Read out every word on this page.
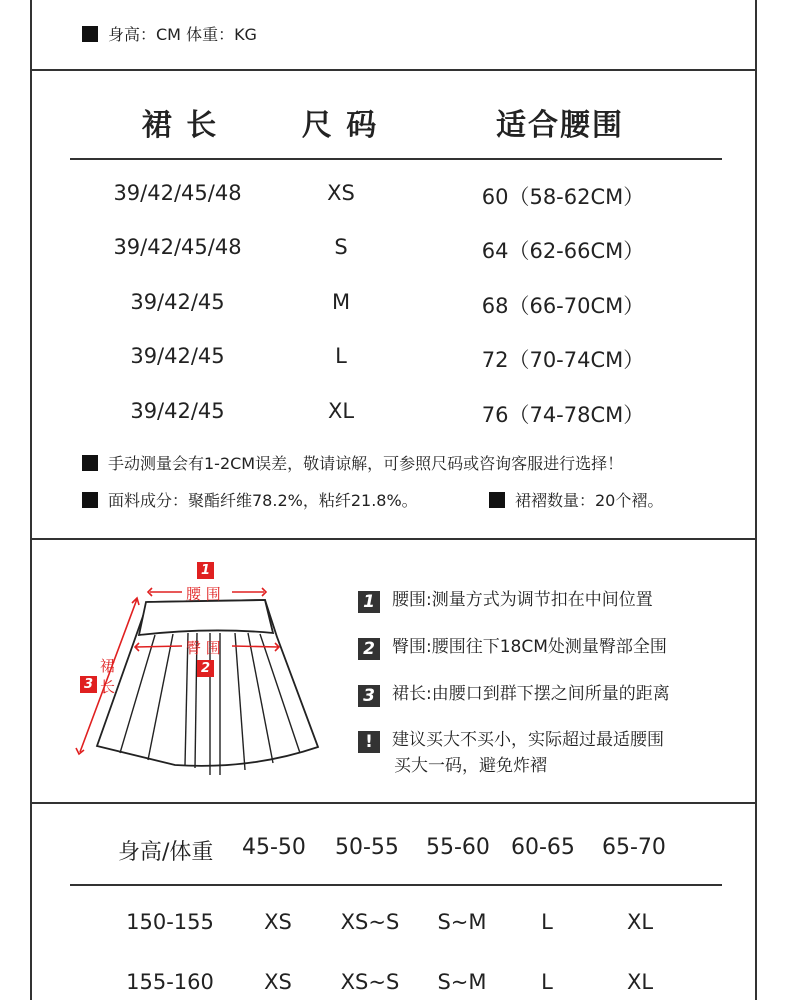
身高：CM 体重：KG
裙 长	尺 码	适合腰围
39/42/45/48	XS	60（58-62CM）
39/42/45/48	S	64（62-66CM）
39/42/45	M	68（66-70CM）
39/42/45	L	72（70-74CM）
39/42/45	XL	76（74-78CM）
手动测量会有1-2CM误差，敬请谅解，可参照尺码或咨询客服进行选择！
面料成分：聚酯纤维78.2%，粘纤21.8%。	裙褶数量：20个褶。
1
腰 围
臀 围
2
裙
3 长
1 腰围:测量方式为调节扣在中间位置
2 臀围:腰围往下18CM处测量臀部全围
3 裙长:由腰口到群下摆之间所量的距离
! 建议买大不买小，实际超过最适腰围
买大一码，避免炸褶
身高/体重 45-50 50-55 55-60 60-65 65-70
150-155	XS	XS~S	S~M	L	XL
155-160	XS	XS~S	S~M	L	XL
